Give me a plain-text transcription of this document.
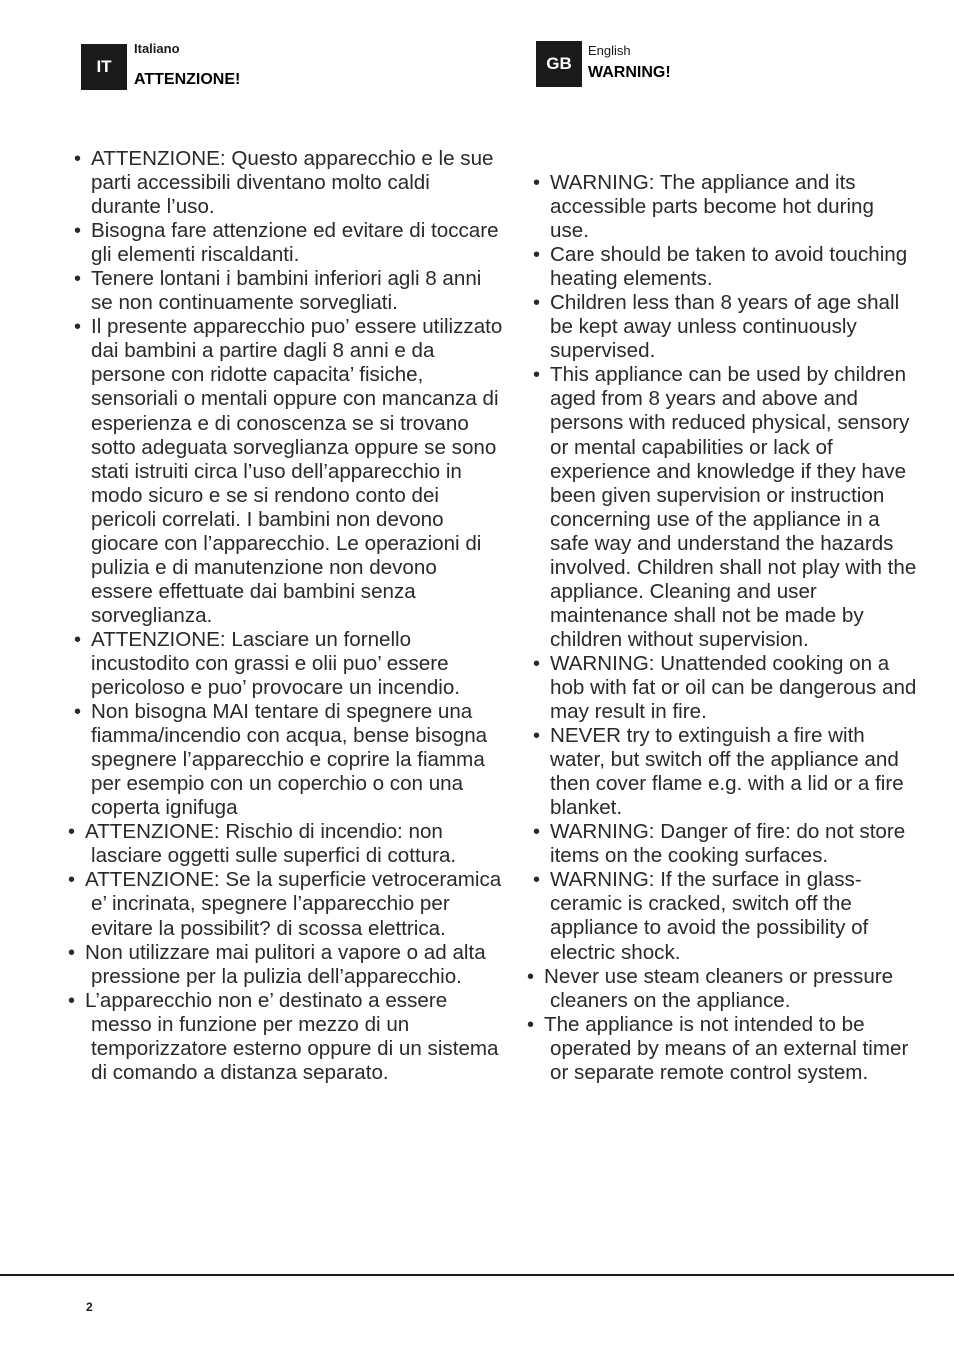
IT
Italiano
ATTENZIONE!
GB
English
WARNING!
• ATTENZIONE: Questo apparecchio e le sue parti accessibili diventano molto caldi durante l’uso.
• Bisogna fare attenzione ed evitare di toccare gli elementi riscaldanti.
• Tenere lontani i bambini inferiori agli 8 anni se non continuamente sorvegliati.
• Il presente apparecchio puo’ essere utilizzato dai bambini a partire dagli 8 anni e da persone con ridotte capacita’ fisiche, sensoriali o mentali oppure con mancanza di esperienza e di conoscenza se si trovano sotto adeguata sorveglianza oppure se sono stati istruiti circa l’uso dell’apparecchio in modo sicuro e se si rendono conto dei pericoli correlati. I bambini non devono giocare con l’apparecchio. Le operazioni di pulizia e di manutenzione non devono essere effettuate dai bambini senza sorveglianza.
• ATTENZIONE: Lasciare un fornello incustodito con grassi e olii puo’ essere pericoloso e puo’ provocare un incendio.
• Non bisogna MAI tentare di spegnere una fiamma/incendio con acqua, bense bisogna spegnere l’apparecchio e coprire la fiamma per esempio con un coperchio o con una coperta ignifuga
• ATTENZIONE: Rischio di incendio: non lasciare oggetti sulle superfici di cottura.
• ATTENZIONE: Se la superficie vetroceramica e’ incrinata, spegnere l’apparecchio per evitare la possibilit? di scossa elettrica.
• Non utilizzare mai pulitori a vapore o ad alta pressione per la pulizia dell’apparecchio.
• L’apparecchio non e’ destinato a essere messo in funzione per mezzo di un temporizzatore esterno oppure di un sistema di comando a distanza separato.
• WARNING: The appliance and its accessible parts become hot during use.
• Care should be taken to avoid touching heating elements.
• Children less than 8 years of age shall be kept away unless continuously supervised.
• This appliance can be used by children aged from 8 years and above and persons with reduced physical, sensory or mental capabilities or lack of experience and knowledge if they have been given supervision or instruction concerning use of the appliance in a safe way and understand the hazards involved. Children shall not play with the appliance. Cleaning and user maintenance shall not be made by children without supervision.
• WARNING: Unattended cooking on a hob with fat or oil can be dangerous and may result in fire.
• NEVER try to extinguish a fire with water, but switch off the appliance and then cover flame e.g. with a lid or a fire blanket.
• WARNING: Danger of fire: do not store items on the cooking surfaces.
• WARNING: If the surface in glass-ceramic is cracked, switch off the appliance to avoid the possibility of electric shock.
• Never use steam cleaners or pressure cleaners on the appliance.
• The appliance is not intended to be operated by means of an external timer or separate remote control system.
2
